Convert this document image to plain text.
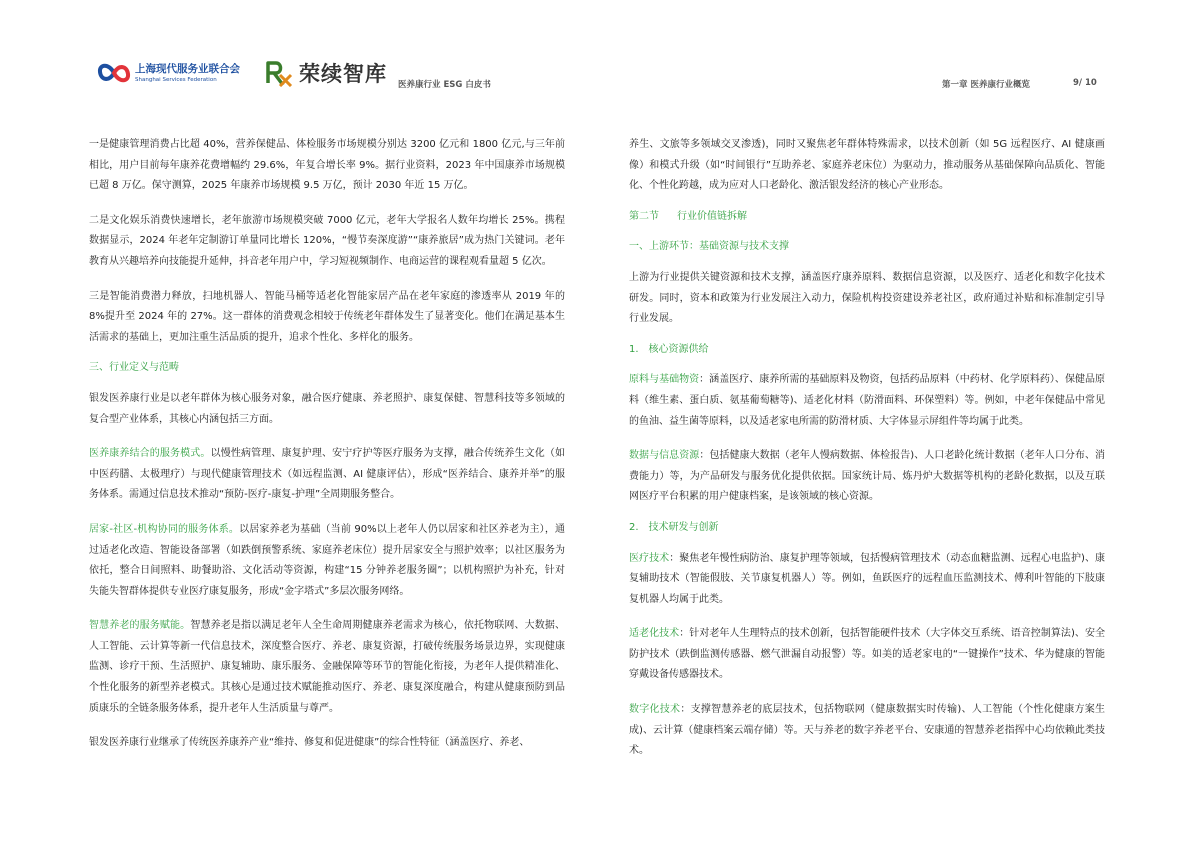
上海现代服务业联合会
Shanghai Services Federation	荣续智库 医养康行业 ESG 白皮书	第一章 医养康行业概览	9/ 10

一是健康管理消费占比超 40%，营养保健品、体检服务市场规模分别达 3200 亿元和 1800 亿元,与三年前相比，用户目前每年康养花费增幅约 29.6%，年复合增长率 9%。据行业资料，2023 年中国康养市场规模已超 8 万亿。保守测算，2025 年康养市场规模 9.5 万亿，预计 2030 年近 15 万亿。

二是文化娱乐消费快速增长，老年旅游市场规模突破 7000 亿元，老年大学报名人数年均增长 25%。携程数据显示，2024 年老年定制游订单量同比增长 120%，“慢节奏深度游”“康养旅居”成为热门关键词。老年教育从兴趣培养向技能提升延伸，抖音老年用户中，学习短视频制作、电商运营的课程观看量超 5 亿次。

三是智能消费潜力释放，扫地机器人、智能马桶等适老化智能家居产品在老年家庭的渗透率从 2019 年的 8%提升至 2024 年的 27%。这一群体的消费观念相较于传统老年群体发生了显著变化。他们在满足基本生活需求的基础上，更加注重生活品质的提升，追求个性化、多样化的服务。

三、行业定义与范畴

银发医养康行业是以老年群体为核心服务对象，融合医疗健康、养老照护、康复保健、智慧科技等多领域的复合型产业体系，其核心内涵包括三方面。

医养康养结合的服务模式。以慢性病管理、康复护理、安宁疗护等医疗服务为支撑，融合传统养生文化（如中医药膳、太极理疗）与现代健康管理技术（如远程监测、AI 健康评估），形成“医养结合、康养并举”的服务体系。需通过信息技术推动“预防-医疗-康复-护理”全周期服务整合。

居家-社区-机构协同的服务体系。以居家养老为基础（当前 90%以上老年人仍以居家和社区养老为主），通过适老化改造、智能设备部署（如跌倒预警系统、家庭养老床位）提升居家安全与照护效率；以社区服务为依托，整合日间照料、助餐助浴、文化活动等资源，构建“15 分钟养老服务圈”；以机构照护为补充，针对失能失智群体提供专业医疗康复服务，形成“金字塔式”多层次服务网络。

智慧养老的服务赋能。智慧养老是指以满足老年人全生命周期健康养老需求为核心，依托物联网、大数据、人工智能、云计算等新一代信息技术，深度整合医疗、养老、康复资源，打破传统服务场景边界，实现健康监测、诊疗干预、生活照护、康复辅助、康乐服务、金融保障等环节的智能化衔接，为老年人提供精准化、个性化服务的新型养老模式。其核心是通过技术赋能推动医疗、养老、康复深度融合，构建从健康预防到品质康乐的全链条服务体系，提升老年人生活质量与尊严。

银发医养康行业继承了传统医养康养产业“维持、修复和促进健康”的综合性特征（涵盖医疗、养老、

养生、文旅等多领域交叉渗透)，同时又聚焦老年群体特殊需求，以技术创新（如 5G 远程医疗、AI 健康画像）和模式升级（如“时间银行”互助养老、家庭养老床位）为驱动力，推动服务从基础保障向品质化、智能化、个性化跨越，成为应对人口老龄化、激活银发经济的核心产业形态。

第二节 行业价值链拆解
一、上游环节：基础资源与技术支撑

上游为行业提供关键资源和技术支撑，涵盖医疗康养原料、数据信息资源，以及医疗、适老化和数字化技术研发。同时，资本和政策为行业发展注入动力，保险机构投资建设养老社区，政府通过补贴和标准制定引导行业发展。

1.　核心资源供给

原料与基础物资：涵盖医疗、康养所需的基础原料及物资，包括药品原料（中药材、化学原料药）、保健品原料（维生素、蛋白质、氨基葡萄糖等)、适老化材料（防滑面料、环保塑料）等。例如，中老年保健品中常见的鱼油、益生菌等原料，以及适老家电所需的防滑材质、大字体显示屏组件等均属于此类。

数据与信息资源：包括健康大数据（老年人慢病数据、体检报告)、人口老龄化统计数据（老年人口分布、消费能力）等，为产品研发与服务优化提供依据。国家统计局、炼丹炉大数据等机构的老龄化数据，以及互联网医疗平台积累的用户健康档案，是该领域的核心资源。

2.　技术研发与创新

医疗技术：聚焦老年慢性病防治、康复护理等领域，包括慢病管理技术（动态血糖监测、远程心电监护)、康复辅助技术（智能假肢、关节康复机器人）等。例如，鱼跃医疗的远程血压监测技术、傅利叶智能的下肢康复机器人均属于此类。

适老化技术：针对老年人生理特点的技术创新，包括智能硬件技术（大字体交互系统、语音控制算法)、安全防护技术（跌倒监测传感器、燃气泄漏自动报警）等。如美的适老家电的“一键操作”技术、华为健康的智能穿戴设备传感器技术。

数字化技术：支撑智慧养老的底层技术，包括物联网（健康数据实时传输)、人工智能（个性化健康方案生成)、云计算（健康档案云端存储）等。天与养老的数字养老平台、安康通的智慧养老指挥中心均依赖此类技术。
